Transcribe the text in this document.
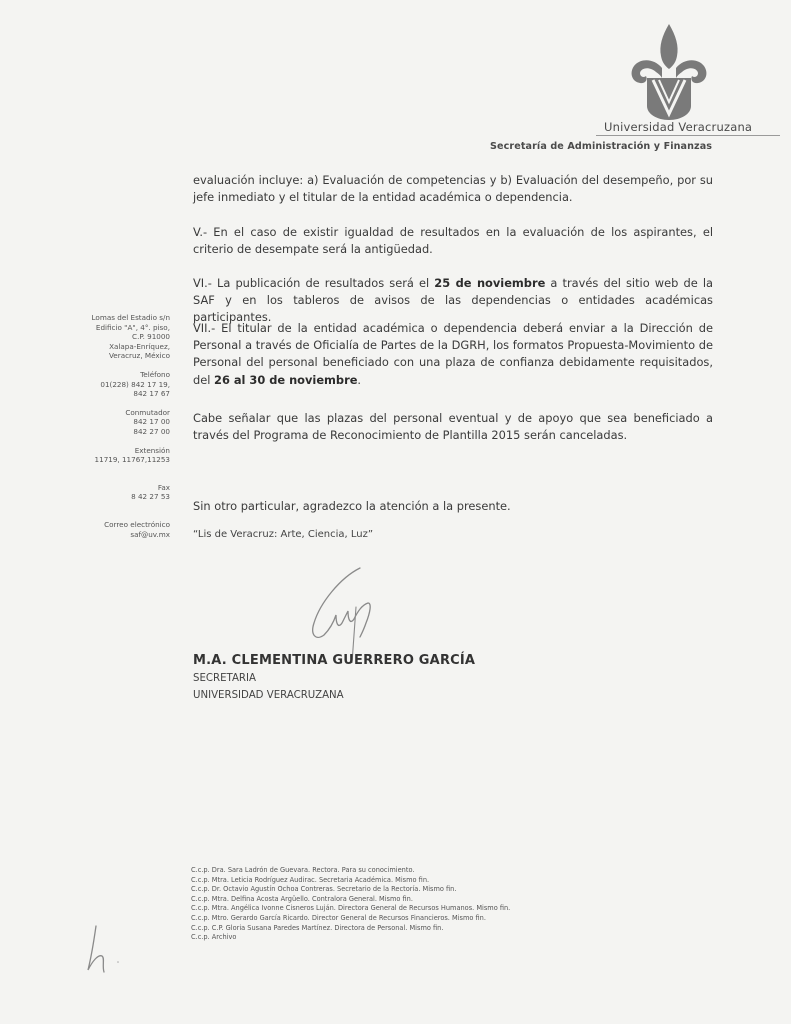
Universidad Veracruzana
Secretaría de Administración y Finanzas
Lomas del Estadio s/n
Edificio "A", 4°. piso,
C.P. 91000
Xalapa-Enríquez,
Veracruz, México
Teléfono
01(228) 842 17 19,
842 17 67
Conmutador
842 17 00
842 27 00
Extensión
11719, 11767,11253
Fax
8 42 27 53
Correo electrónico
saf@uv.mx
evaluación incluye: a) Evaluación de competencias y b) Evaluación del desempeño, por su
jefe inmediato y el titular de la entidad académica o dependencia.
V.- En el caso de existir igualdad de resultados en la evaluación de los aspirantes, el criterio de desempate será la antigüedad.
VI.- La publicación de resultados será el 25 de noviembre a través del sitio web de la SAF y en los tableros de avisos de las dependencias o entidades académicas participantes.
VII.- El titular de la entidad académica o dependencia deberá enviar a la Dirección de Personal a través de Oficialía de Partes de la DGRH, los formatos Propuesta-Movimiento de Personal del personal beneficiado con una plaza de confianza debidamente requisitados, del 26 al 30 de noviembre.
Cabe señalar que las plazas del personal eventual y de apoyo que sea beneficiado a través del Programa de Reconocimiento de Plantilla 2015 serán canceladas.
Sin otro particular, agradezco la atención a la presente.
“Lis de Veracruz: Arte, Ciencia, Luz”
M.A. CLEMENTINA GUERRERO GARCÍA
SECRETARIA
UNIVERSIDAD VERACRUZANA
C.c.p. Dra. Sara Ladrón de Guevara. Rectora. Para su conocimiento.
C.c.p. Mtra. Leticia Rodríguez Audirac. Secretaria Académica. Mismo fin.
C.c.p. Dr. Octavio Agustín Ochoa Contreras. Secretario de la Rectoría. Mismo fin.
C.c.p. Mtra. Delfina Acosta Argüello. Contralora General. Mismo fin.
C.c.p. Mtra. Angélica Ivonne Cisneros Luján. Directora General de Recursos Humanos. Mismo fin.
C.c.p. Mtro. Gerardo García Ricardo. Director General de Recursos Financieros. Mismo fin.
C.c.p. C.P. Gloria Susana Paredes Martínez. Directora de Personal. Mismo fin.
C.c.p. Archivo
